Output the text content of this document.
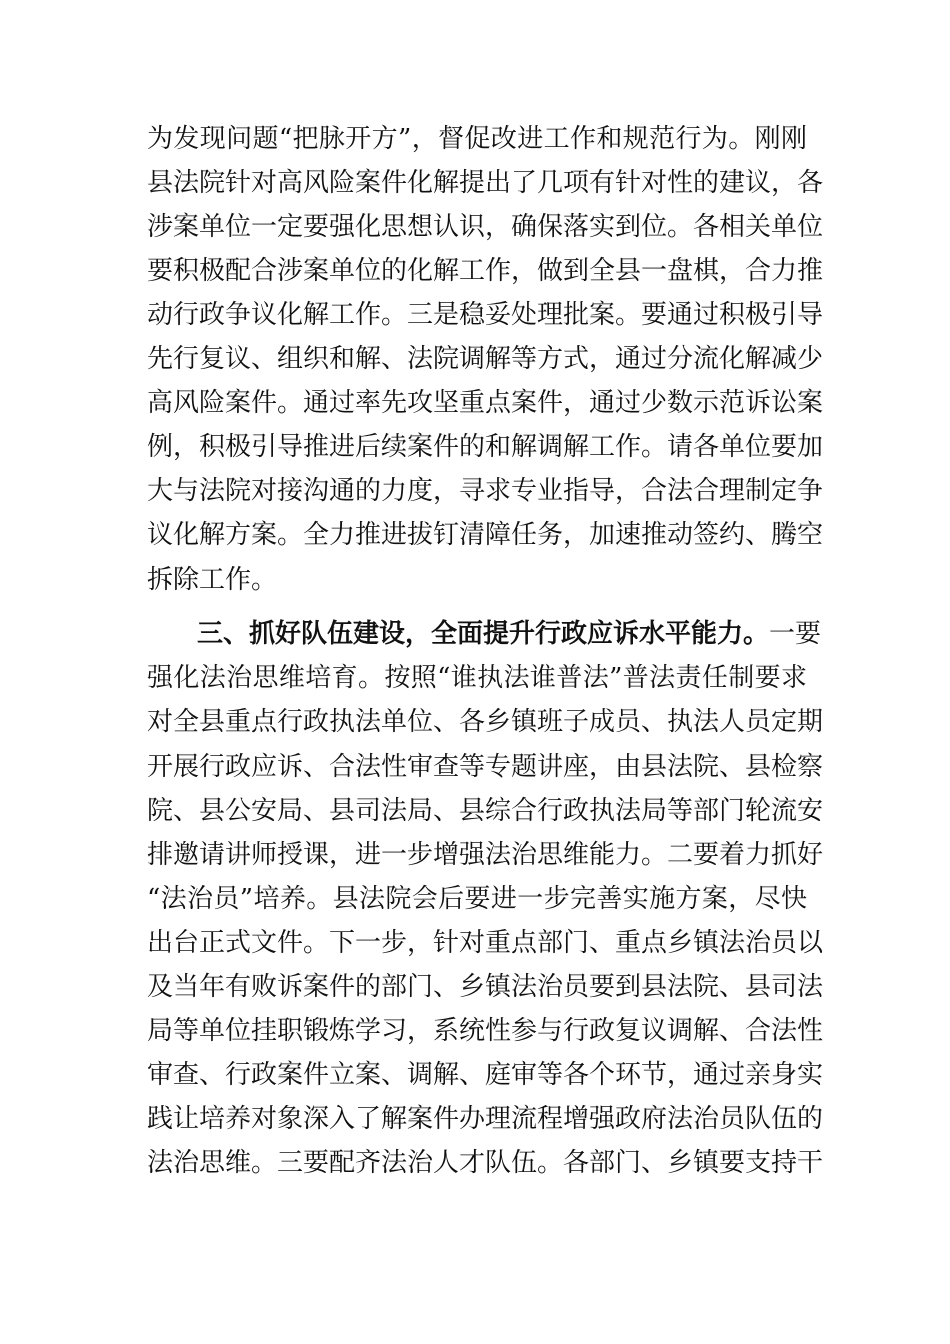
为发现问题“把脉开方”，督促改进工作和规范行为。刚刚
县法院针对高风险案件化解提出了几项有针对性的建议，各
涉案单位一定要强化思想认识，确保落实到位。各相关单位
要积极配合涉案单位的化解工作，做到全县一盘棋，合力推
动行政争议化解工作。三是稳妥处理批案。要通过积极引导
先行复议、组织和解、法院调解等方式，通过分流化解减少
高风险案件。通过率先攻坚重点案件，通过少数示范诉讼案
例，积极引导推进后续案件的和解调解工作。请各单位要加
大与法院对接沟通的力度，寻求专业指导，合法合理制定争
议化解方案。全力推进拔钉清障任务，加速推动签约、腾空
拆除工作。
三、抓好队伍建设，全面提升行政应诉水平能力。一要
强化法治思维培育。按照“谁执法谁普法”普法责任制要求
对全县重点行政执法单位、各乡镇班子成员、执法人员定期
开展行政应诉、合法性审查等专题讲座，由县法院、县检察
院、县公安局、县司法局、县综合行政执法局等部门轮流安
排邀请讲师授课，进一步增强法治思维能力。二要着力抓好
“法治员”培养。县法院会后要进一步完善实施方案，尽快
出台正式文件。下一步，针对重点部门、重点乡镇法治员以
及当年有败诉案件的部门、乡镇法治员要到县法院、县司法
局等单位挂职锻炼学习，系统性参与行政复议调解、合法性
审查、行政案件立案、调解、庭审等各个环节，通过亲身实
践让培养对象深入了解案件办理流程增强政府法治员队伍的
法治思维。三要配齐法治人才队伍。各部门、乡镇要支持干
